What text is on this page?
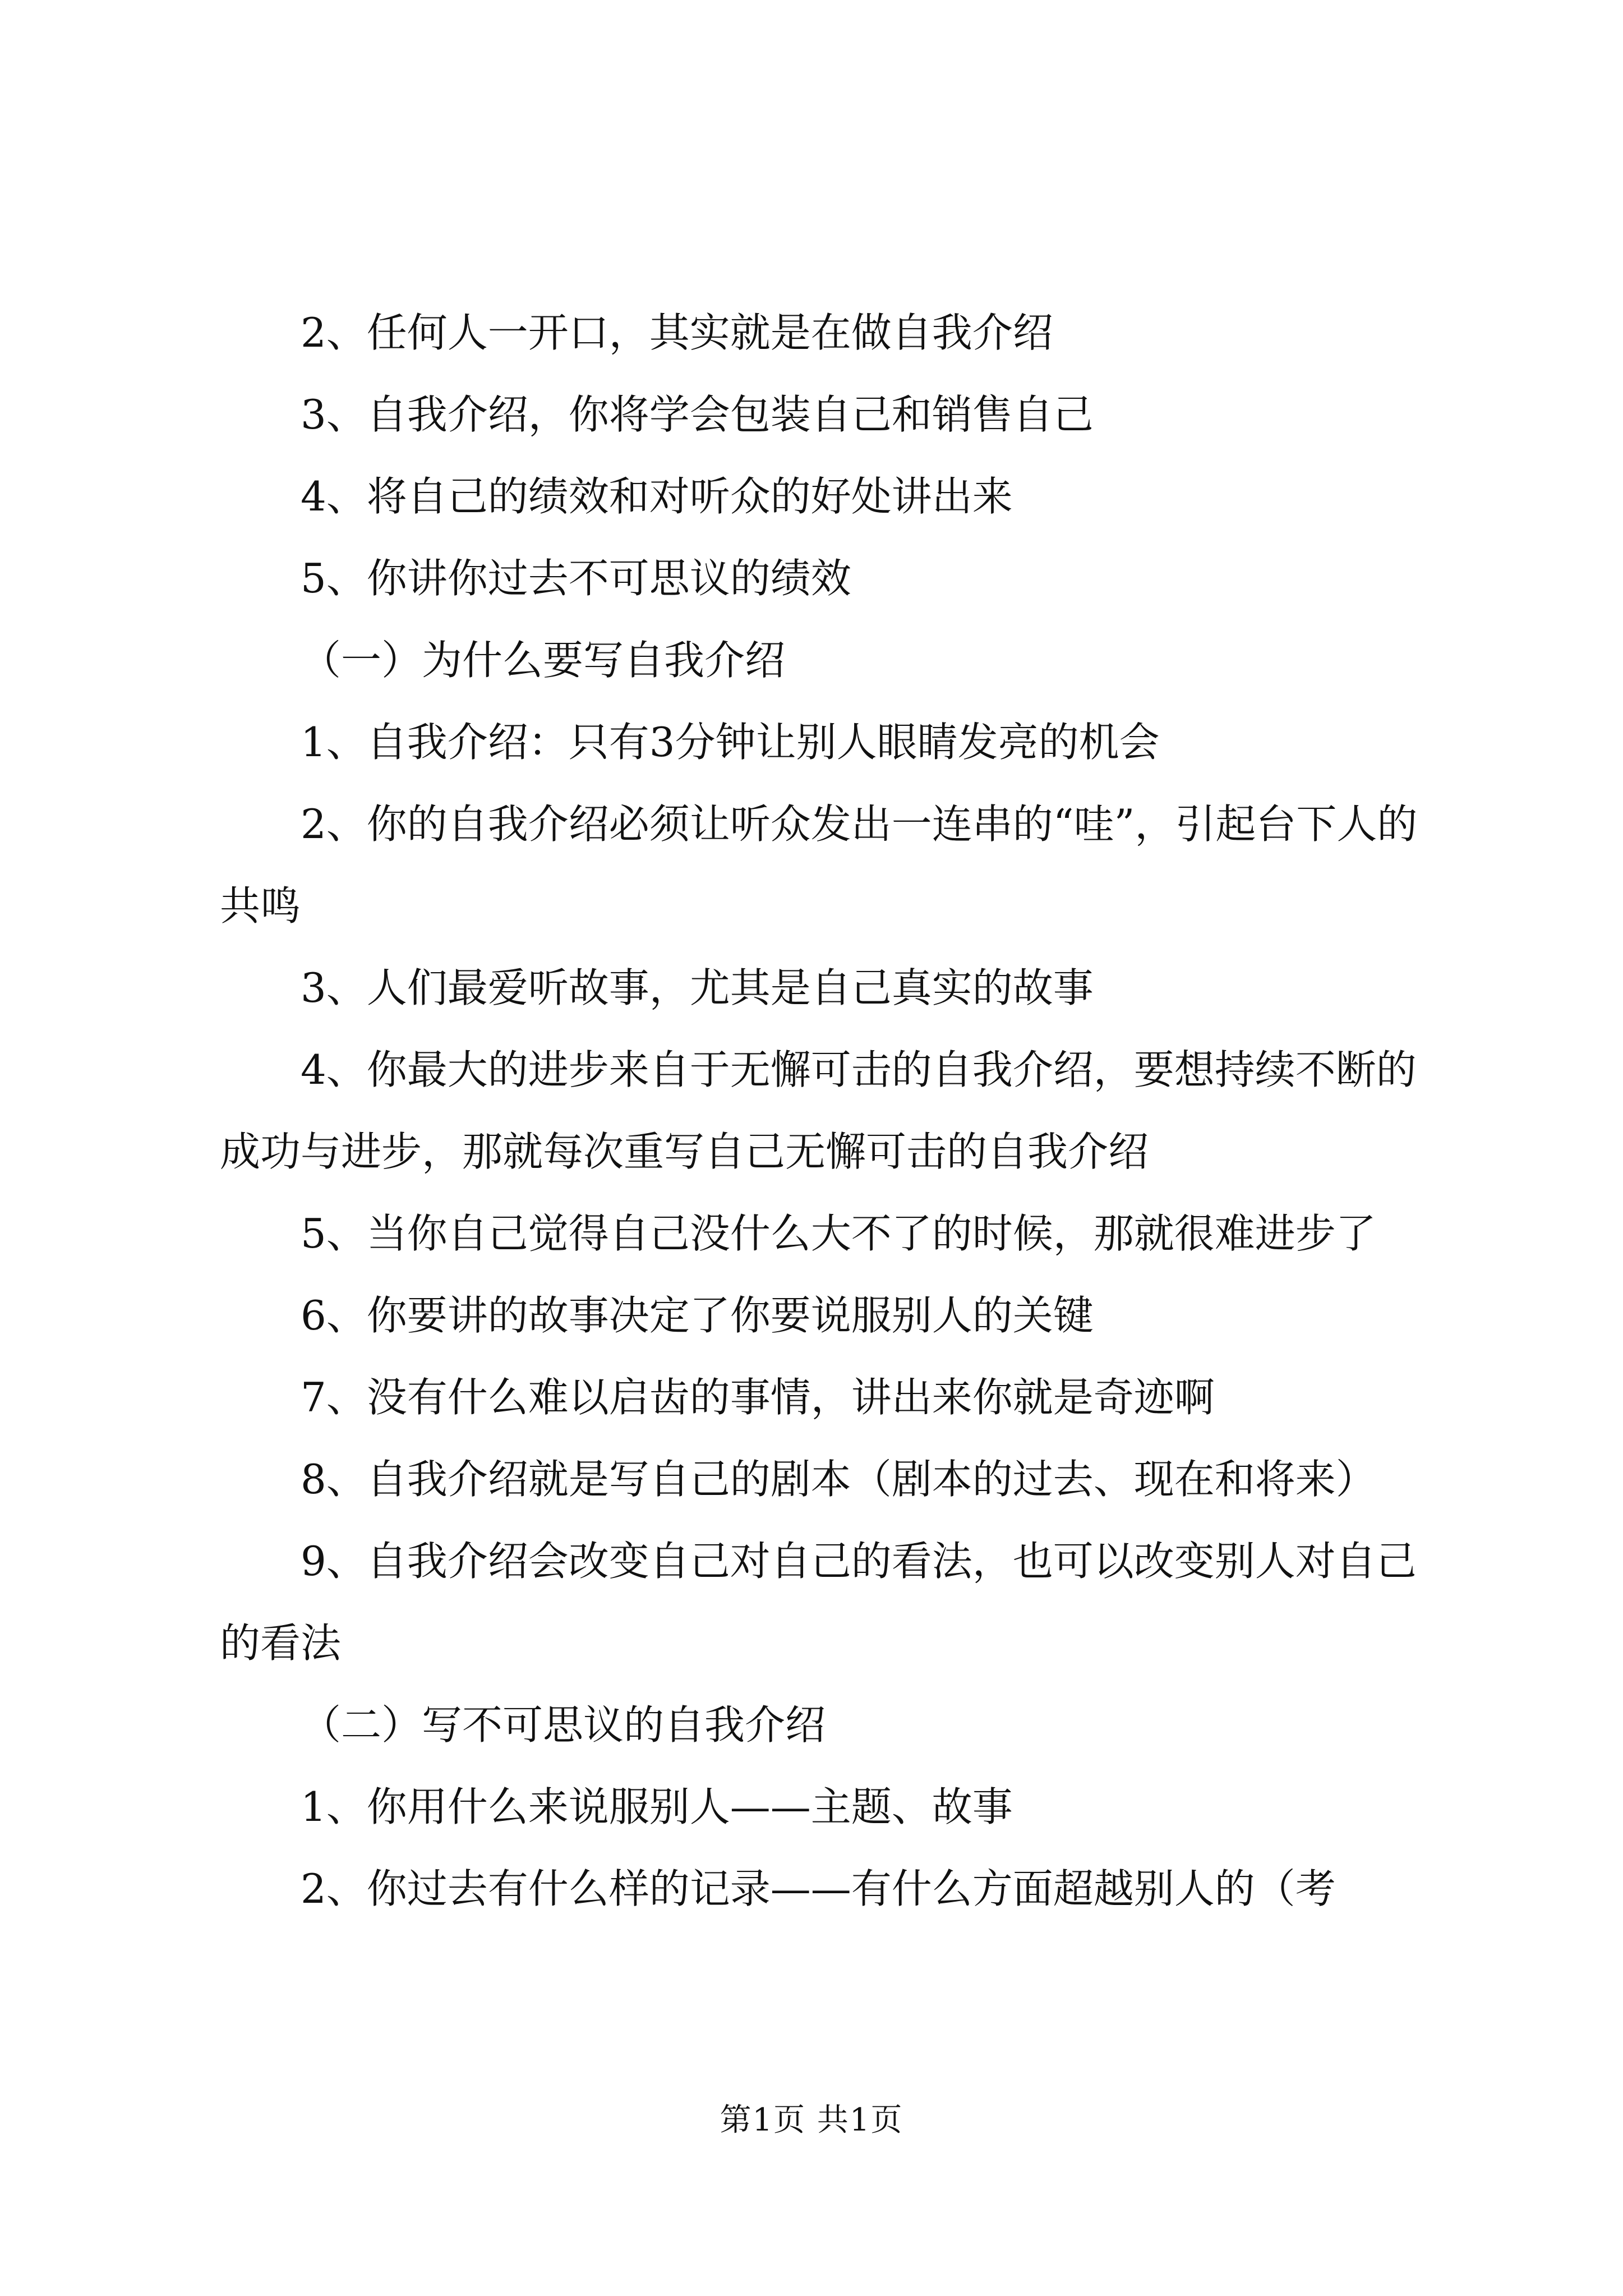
2、任何人一开口，其实就是在做自我介绍

3、自我介绍，你将学会包装自己和销售自己

4、将自己的绩效和对听众的好处讲出来

5、你讲你过去不可思议的绩效

（一）为什么要写自我介绍

1、自我介绍：只有3分钟让别人眼睛发亮的机会

2、你的自我介绍必须让听众发出一连串的“哇”，引起台下人的共鸣

3、人们最爱听故事，尤其是自己真实的故事

4、你最大的进步来自于无懈可击的自我介绍，要想持续不断的成功与进步，那就每次重写自己无懈可击的自我介绍

5、当你自己觉得自己没什么大不了的时候，那就很难进步了

6、你要讲的故事决定了你要说服别人的关键

7、没有什么难以启齿的事情，讲出来你就是奇迹啊

8、自我介绍就是写自己的剧本（剧本的过去、现在和将来）

9、自我介绍会改变自己对自己的看法，也可以改变别人对自己的看法

（二）写不可思议的自我介绍

1、你用什么来说服别人——主题、故事

2、你过去有什么样的记录——有什么方面超越别人的（考

第1页 共1页
